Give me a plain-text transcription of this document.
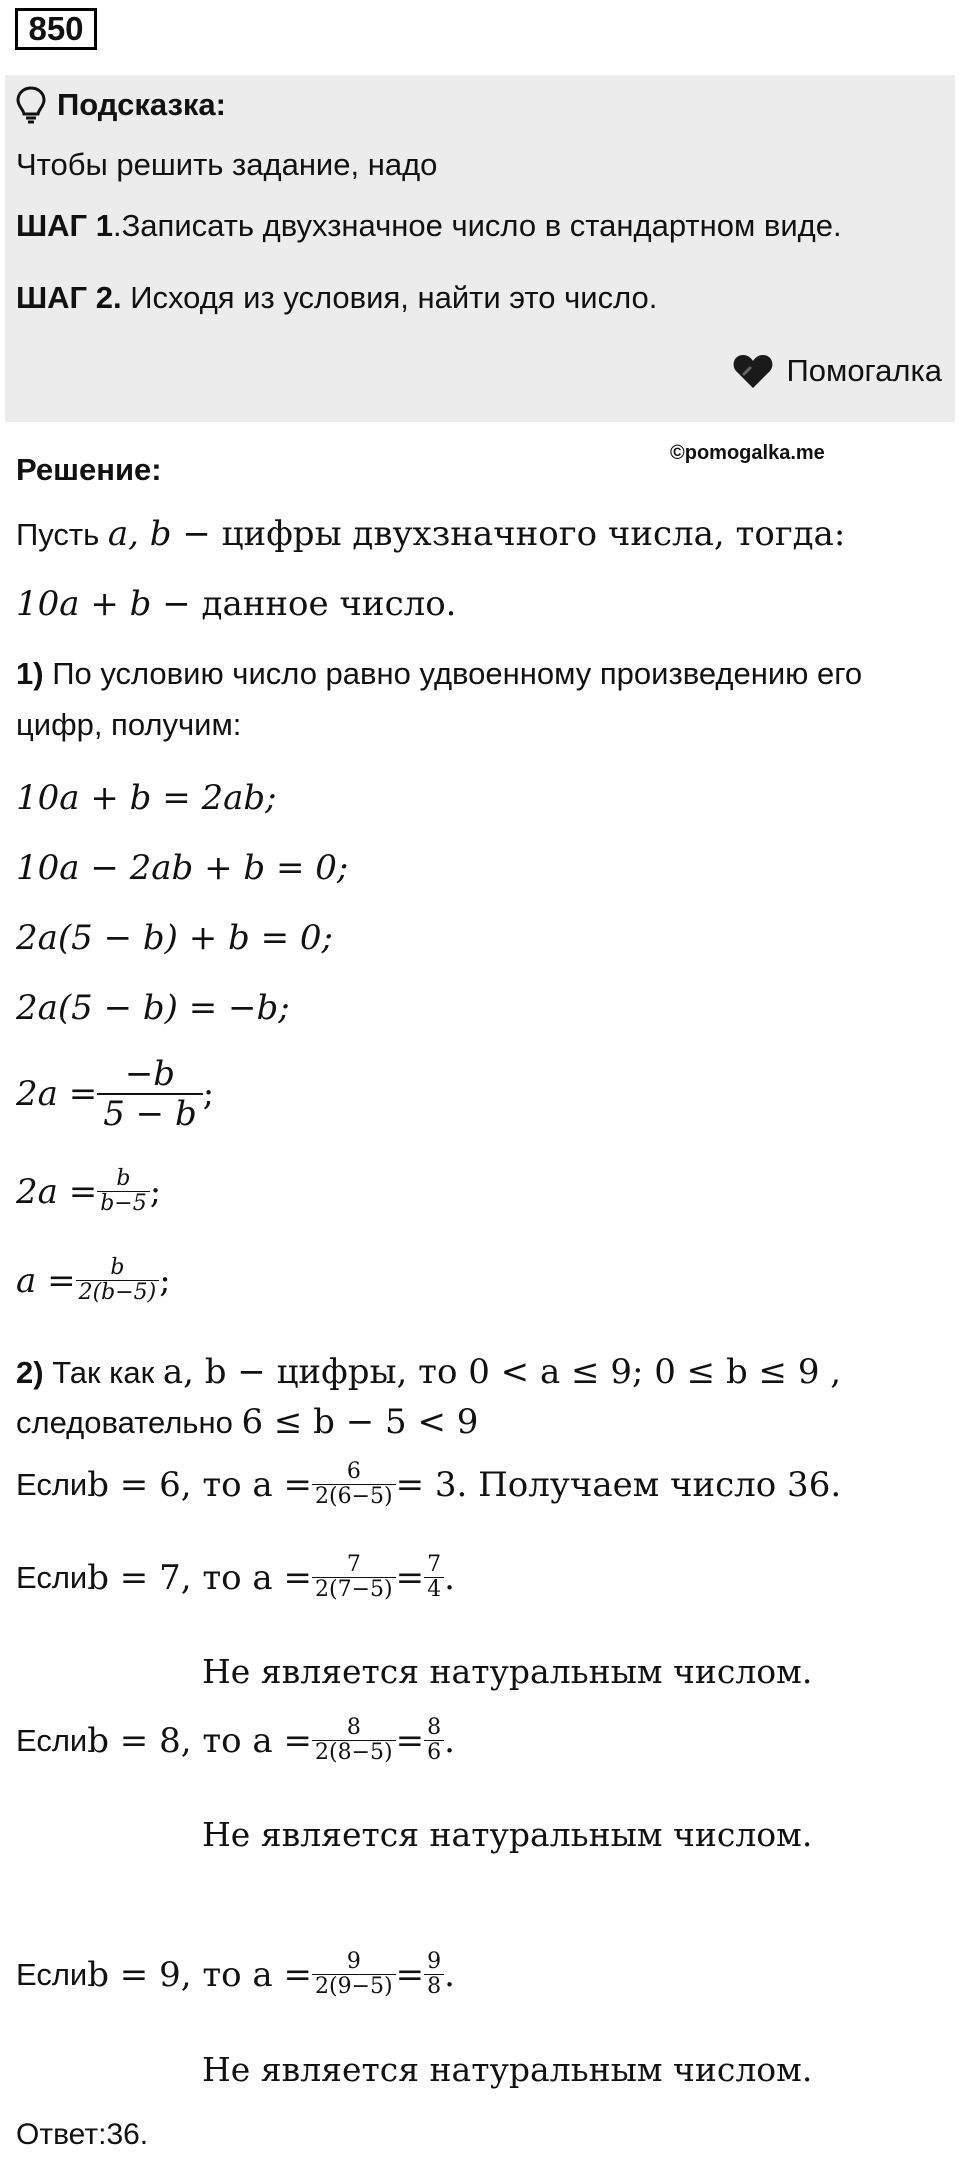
850
Подсказка:
Чтобы решить задание, надо
ШАГ 1.Записать двухзначное число в стандартном виде.
ШАГ 2. Исходя из условия, найти это число.
Помогалка
©pomogalka.me
Решение:
Пусть a, b − цифры двухзначного числа, тогда:
10a + b − данное число.
1) По условию число равно удвоенному произведению его
цифр, получим:
10a + b = 2ab;
10a − 2ab + b = 0;
2a(5 − b) + b = 0;
2a(5 − b) = −b;
$2a = \frac{-b}{5 - b}$ ;
$2a = \frac{b}{b-5}$ ;
$a = \frac{b}{2(b-5)}$ ;
2) Так как a, b − цифры, то 0 < a ≤ 9; 0 ≤ b ≤ 9 ,
следовательно 6 ≤ b − 5 < 9
Если b = 6, то $a = \frac{6}{2(6-5)} = 3$. Получаем число 36.
Если b = 7, то $a = \frac{7}{2(7-5)} = \frac{7}{4}$ .
Не является натуральным числом.
Если b = 8, то $a = \frac{8}{2(8-5)} = \frac{8}{6}$ .
Не является натуральным числом.
Если b = 9, то $a = \frac{9}{2(9-5)} = \frac{9}{8}$ .
Не является натуральным числом.
Ответ:36.
